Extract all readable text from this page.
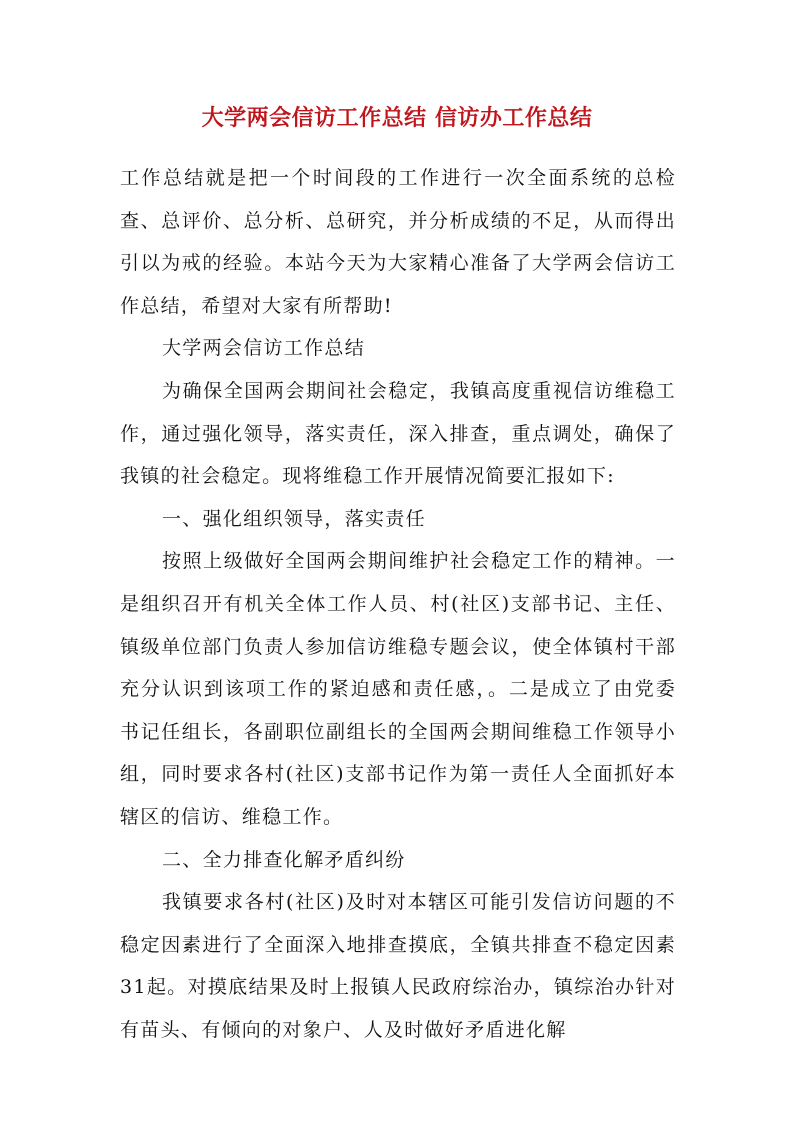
大学两会信访工作总结 信访办工作总结

工作总结就是把一个时间段的工作进行一次全面系统的总检查、总评价、总分析、总研究，并分析成绩的不足，从而得出引以为戒的经验。本站今天为大家精心准备了大学两会信访工作总结，希望对大家有所帮助!

大学两会信访工作总结

为确保全国两会期间社会稳定，我镇高度重视信访维稳工作，通过强化领导，落实责任，深入排查，重点调处，确保了我镇的社会稳定。现将维稳工作开展情况简要汇报如下:

一、强化组织领导，落实责任

按照上级做好全国两会期间维护社会稳定工作的精神。一是组织召开有机关全体工作人员、村(社区)支部书记、主任、镇级单位部门负责人参加信访维稳专题会议，使全体镇村干部充分认识到该项工作的紧迫感和责任感，。二是成立了由党委书记任组长，各副职位副组长的全国两会期间维稳工作领导小组，同时要求各村(社区)支部书记作为第一责任人全面抓好本辖区的信访、维稳工作。

二、全力排查化解矛盾纠纷

我镇要求各村(社区)及时对本辖区可能引发信访问题的不稳定因素进行了全面深入地排查摸底，全镇共排查不稳定因素31起。对摸底结果及时上报镇人民政府综治办，镇综治办针对有苗头、有倾向的对象户、人及时做好矛盾进化解
